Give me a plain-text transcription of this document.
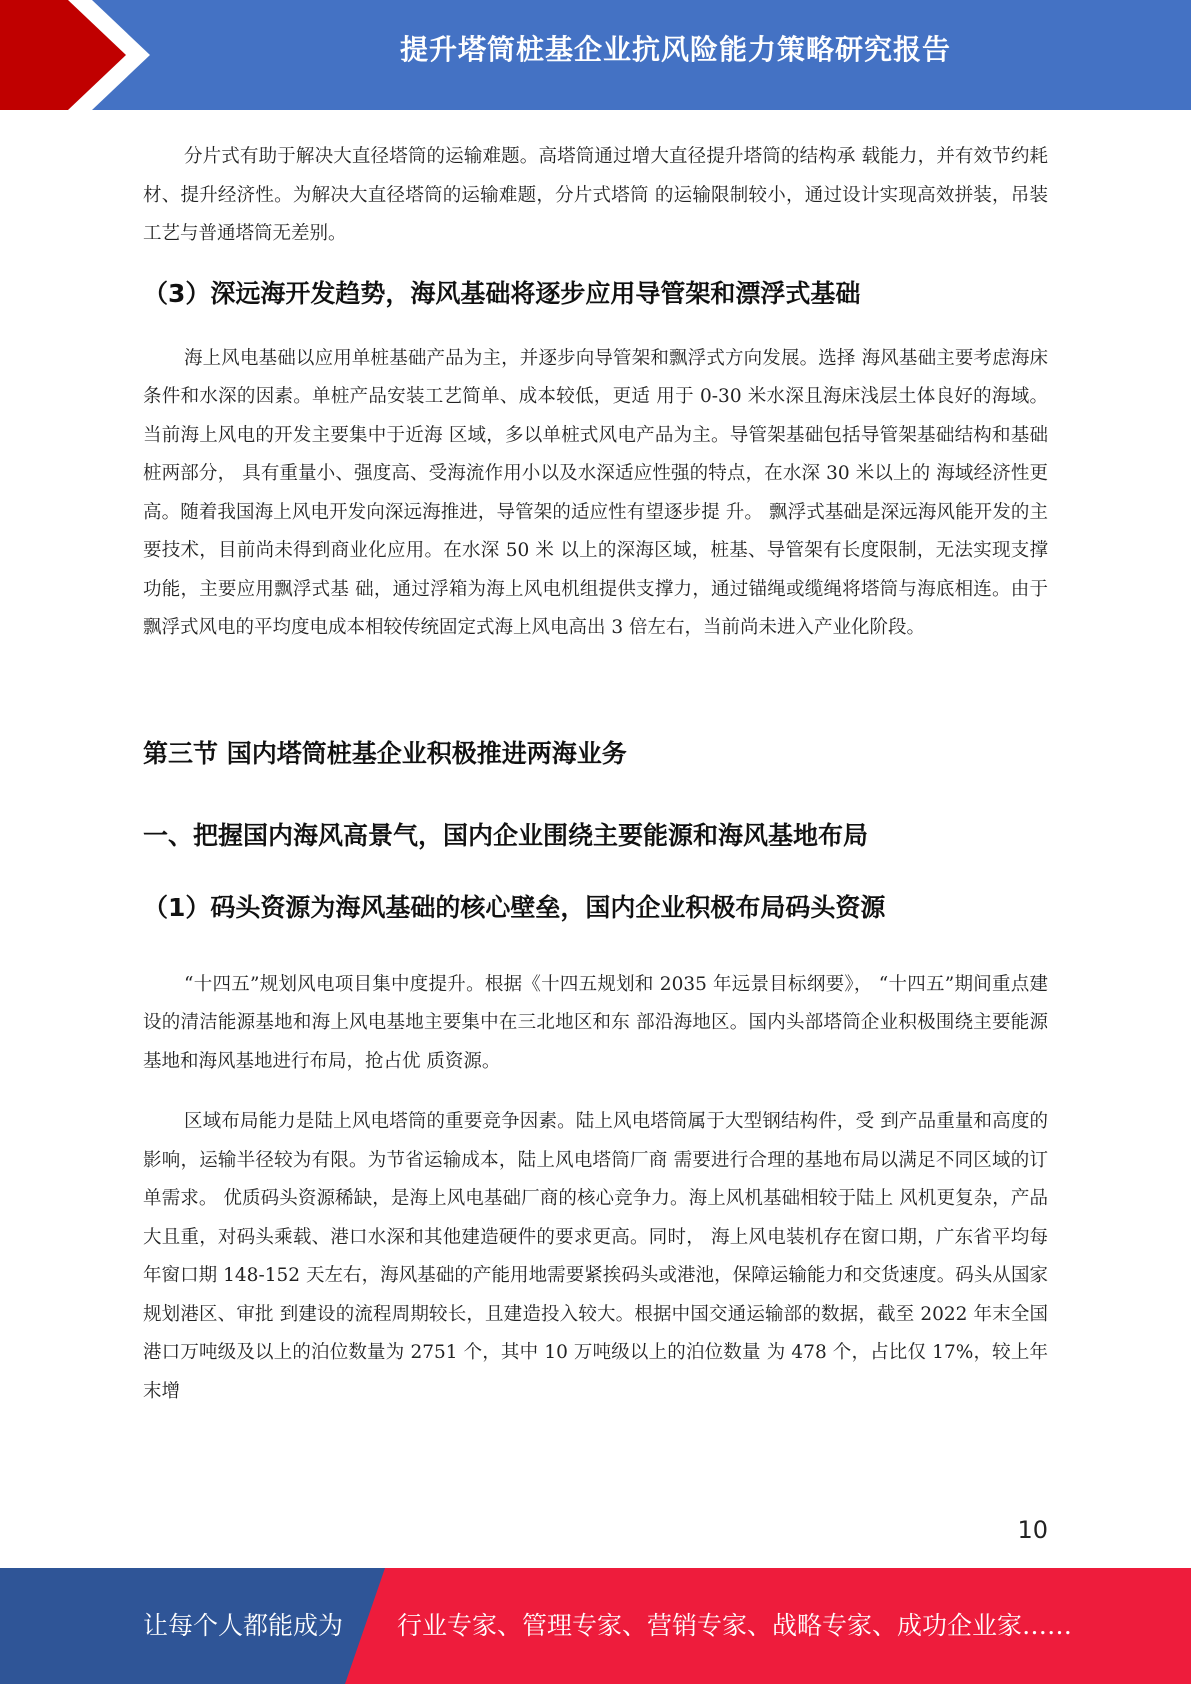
提升塔筒桩基企业抗风险能力策略研究报告

分片式有助于解决大直径塔筒的运输难题。高塔筒通过增大直径提升塔筒的结构承 载能力，并有效节约耗材、提升经济性。为解决大直径塔筒的运输难题，分片式塔筒 的运输限制较小，通过设计实现高效拼装，吊装工艺与普通塔筒无差别。

（3）深远海开发趋势，海风基础将逐步应用导管架和漂浮式基础

海上风电基础以应用单桩基础产品为主，并逐步向导管架和飘浮式方向发展。选择 海风基础主要考虑海床条件和水深的因素。单桩产品安装工艺简单、成本较低，更适 用于 0-30 米水深且海床浅层土体良好的海域。当前海上风电的开发主要集中于近海 区域，多以单桩式风电产品为主。导管架基础包括导管架基础结构和基础桩两部分， 具有重量小、强度高、受海流作用小以及水深适应性强的特点，在水深 30 米以上的 海域经济性更高。随着我国海上风电开发向深远海推进，导管架的适应性有望逐步提 升。 飘浮式基础是深远海风能开发的主要技术，目前尚未得到商业化应用。在水深 50 米 以上的深海区域，桩基、导管架有长度限制，无法实现支撑功能，主要应用飘浮式基 础，通过浮箱为海上风电机组提供支撑力，通过锚绳或缆绳将塔筒与海底相连。由于 飘浮式风电的平均度电成本相较传统固定式海上风电高出 3 倍左右，当前尚未进入产业化阶段。

第三节 国内塔筒桩基企业积极推进两海业务
一、把握国内海风高景气，国内企业围绕主要能源和海风基地布局
（1）码头资源为海风基础的核心壁垒，国内企业积极布局码头资源

“十四五”规划风电项目集中度提升。根据《十四五规划和 2035 年远景目标纲要》， “十四五”期间重点建设的清洁能源基地和海上风电基地主要集中在三北地区和东 部沿海地区。国内头部塔筒企业积极围绕主要能源基地和海风基地进行布局，抢占优 质资源。

区域布局能力是陆上风电塔筒的重要竞争因素。陆上风电塔筒属于大型钢结构件，受 到产品重量和高度的影响，运输半径较为有限。为节省运输成本，陆上风电塔筒厂商 需要进行合理的基地布局以满足不同区域的订单需求。 优质码头资源稀缺，是海上风电基础厂商的核心竞争力。海上风机基础相较于陆上 风机更复杂，产品大且重，对码头乘载、港口水深和其他建造硬件的要求更高。同时， 海上风电装机存在窗口期，广东省平均每年窗口期 148-152 天左右，海风基础的产能用地需要紧挨码头或港池，保障运输能力和交货速度。码头从国家规划港区、审批 到建设的流程周期较长，且建造投入较大。根据中国交通运输部的数据，截至 2022 年末全国港口万吨级及以上的泊位数量为 2751 个，其中 10 万吨级以上的泊位数量 为 478 个，占比仅 17%，较上年末增

10
让每个人都能成为 行业专家、管理专家、营销专家、战略专家、成功企业家……
